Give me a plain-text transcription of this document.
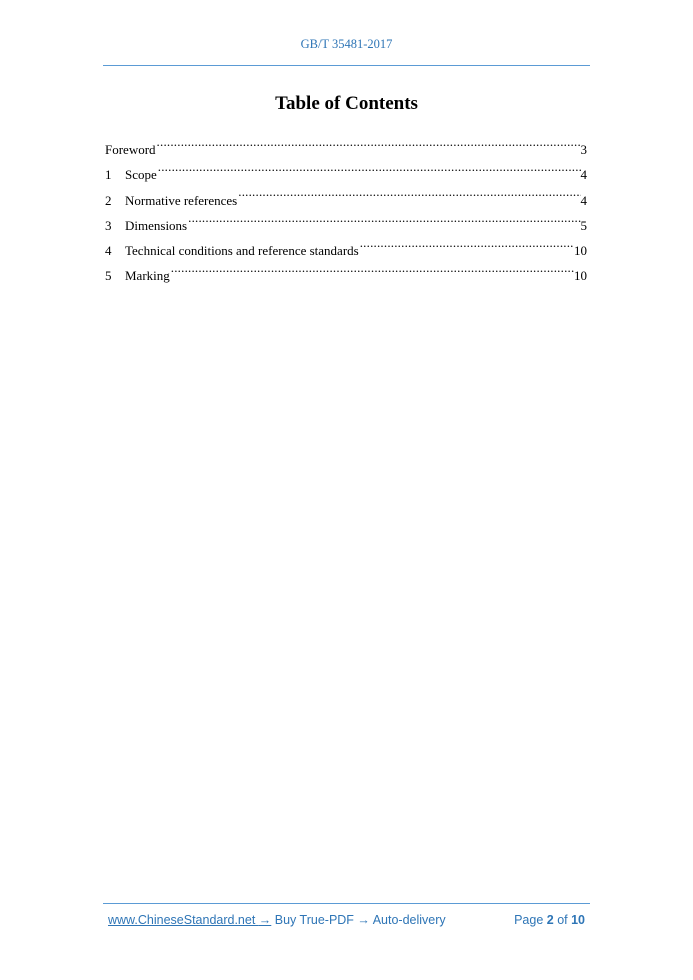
GB/T 35481-2017
Table of Contents
Foreword .....	3
1	Scope .....	4
2	Normative references .....	4
3	Dimensions .....	5
4	Technical conditions and reference standards .....	10
5	Marking .....	10
www.ChineseStandard.net → Buy True-PDF → Auto-delivery	Page 2 of 10
